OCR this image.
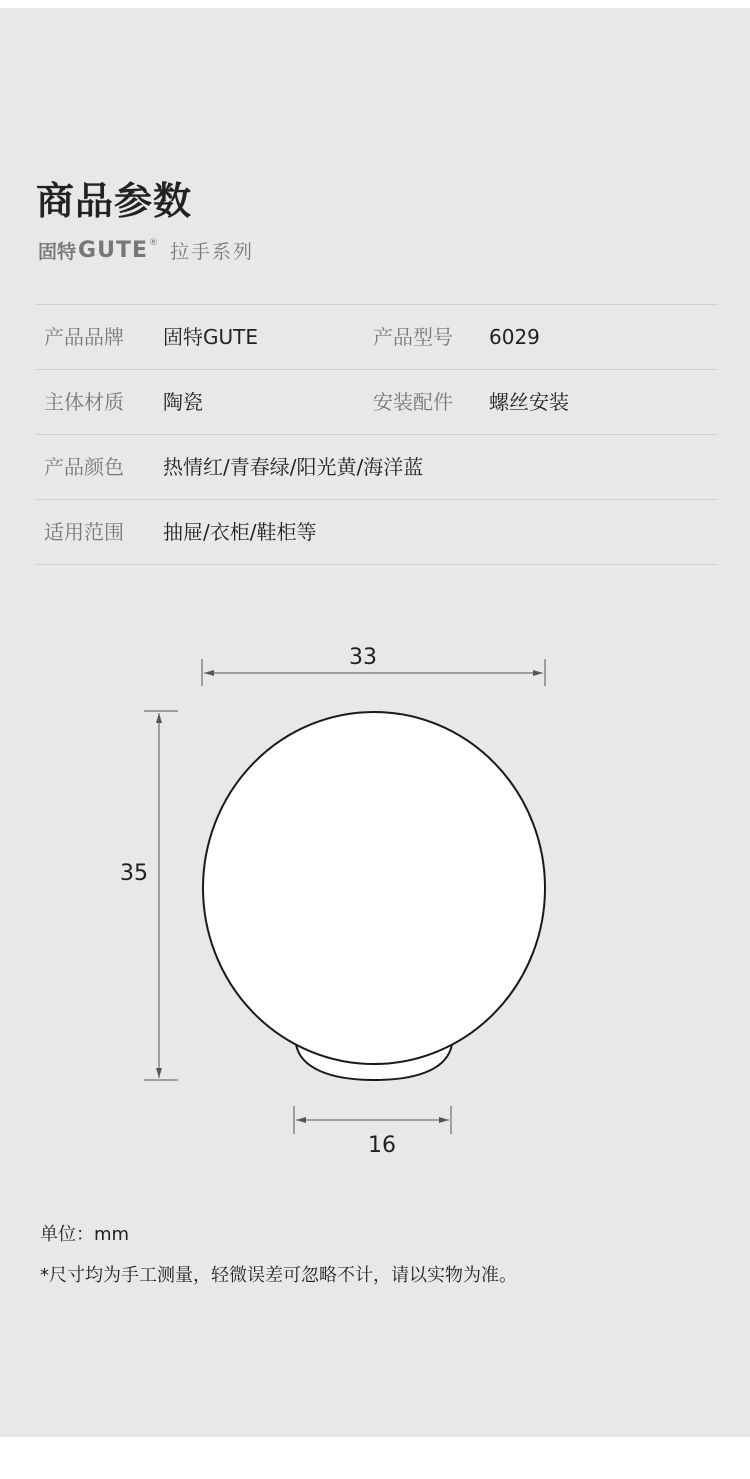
商品参数
固特 GUTE ® 拉手系列
产品品牌 固特GUTE	产品型号 6029
主体材质 陶瓷	安装配件 螺丝安装
产品颜色 热情红/青春绿/阳光黄/海洋蓝
适用范围 抽屉/衣柜/鞋柜等
33
35
16
单位：mm
*尺寸均为手工测量，轻微误差可忽略不计，请以实物为准。
